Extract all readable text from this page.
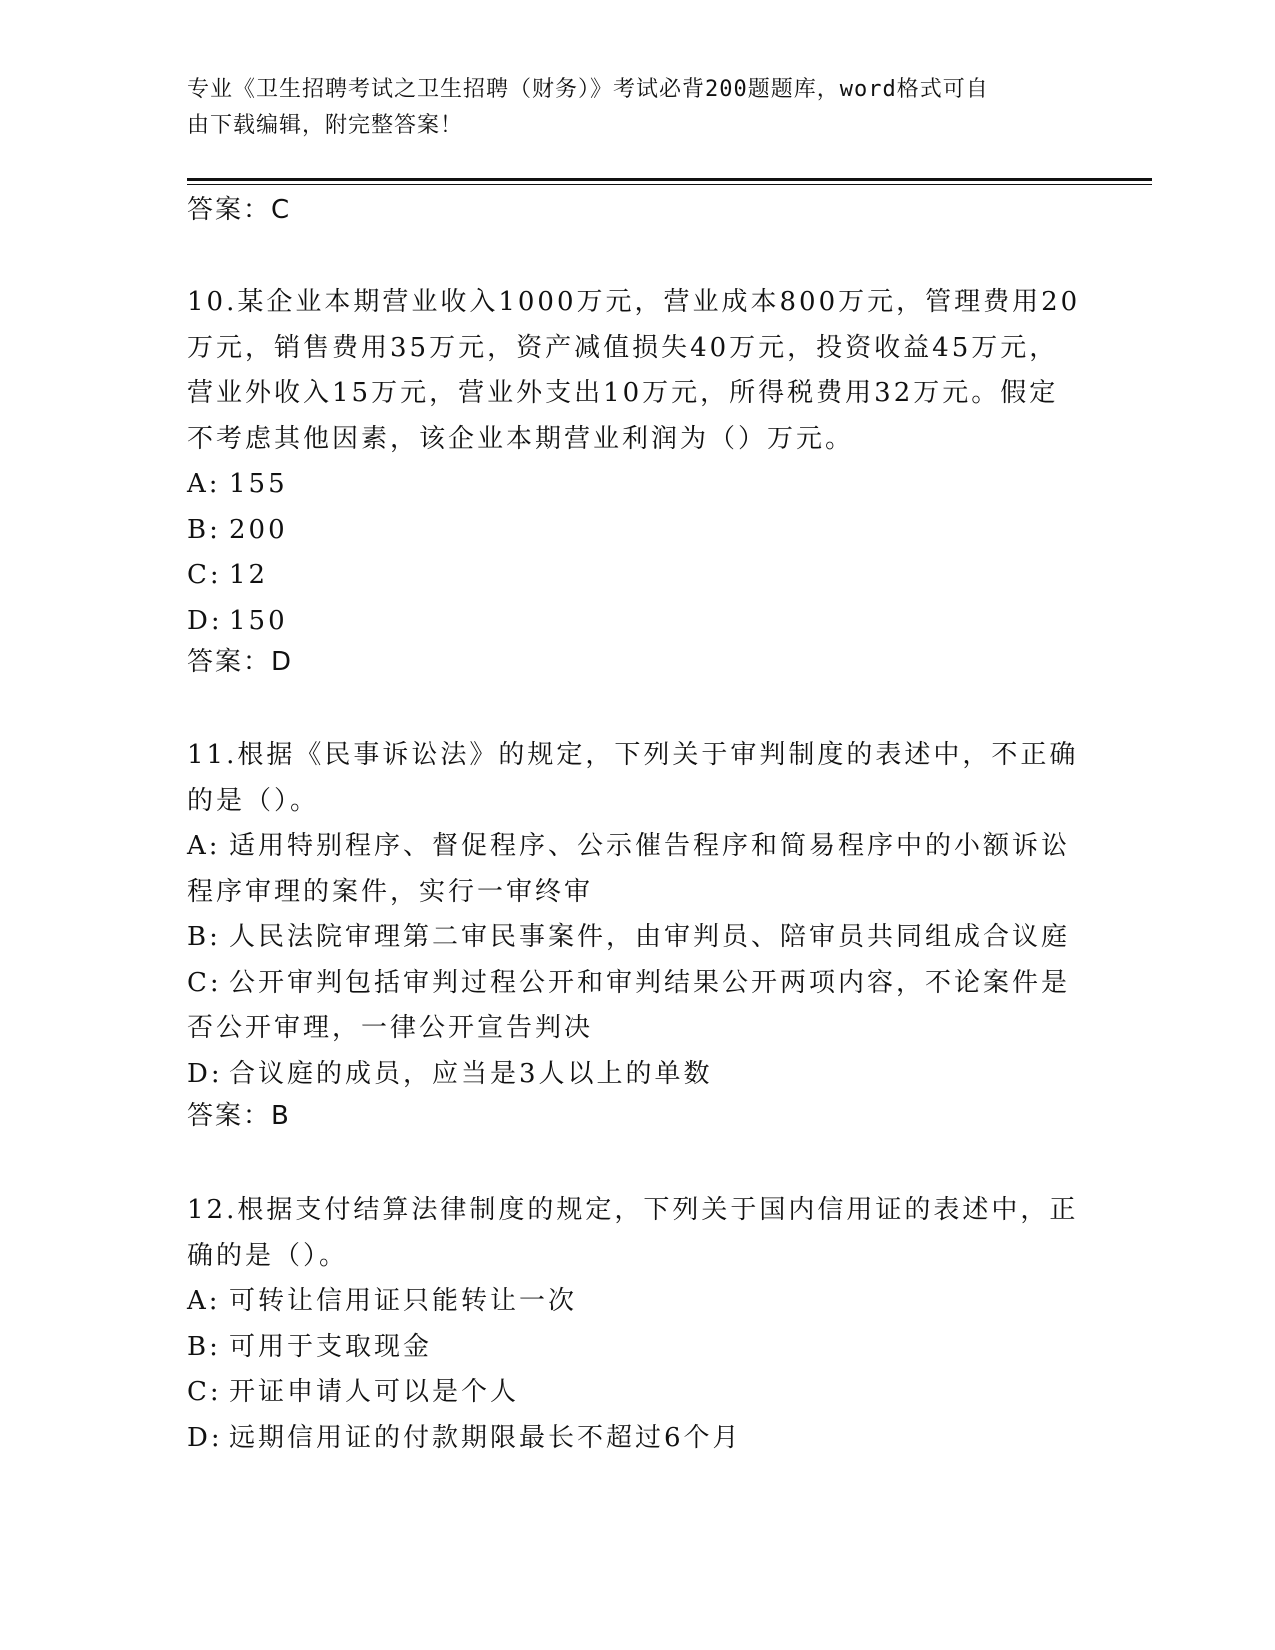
专业《卫生招聘考试之卫生招聘（财务）》考试必背200题题库，word格式可自
由下载编辑，附完整答案！
答案：C
10.某企业本期营业收入1000万元，营业成本800万元，管理费用20
万元，销售费用35万元，资产减值损失40万元，投资收益45万元，
营业外收入15万元，营业外支出10万元，所得税费用32万元。假定
不考虑其他因素，该企业本期营业利润为（）万元。
A: 155
B: 200
C: 12
D: 150
答案：D
11.根据《民事诉讼法》的规定，下列关于审判制度的表述中，不正确
的是（）。
A: 适用特别程序、督促程序、公示催告程序和简易程序中的小额诉讼
程序审理的案件，实行一审终审
B: 人民法院审理第二审民事案件，由审判员、陪审员共同组成合议庭
C: 公开审判包括审判过程公开和审判结果公开两项内容，不论案件是
否公开审理，一律公开宣告判决
D: 合议庭的成员，应当是3人以上的单数
答案：B
12.根据支付结算法律制度的规定，下列关于国内信用证的表述中，正
确的是（）。
A: 可转让信用证只能转让一次
B: 可用于支取现金
C: 开证申请人可以是个人
D: 远期信用证的付款期限最长不超过6个月
